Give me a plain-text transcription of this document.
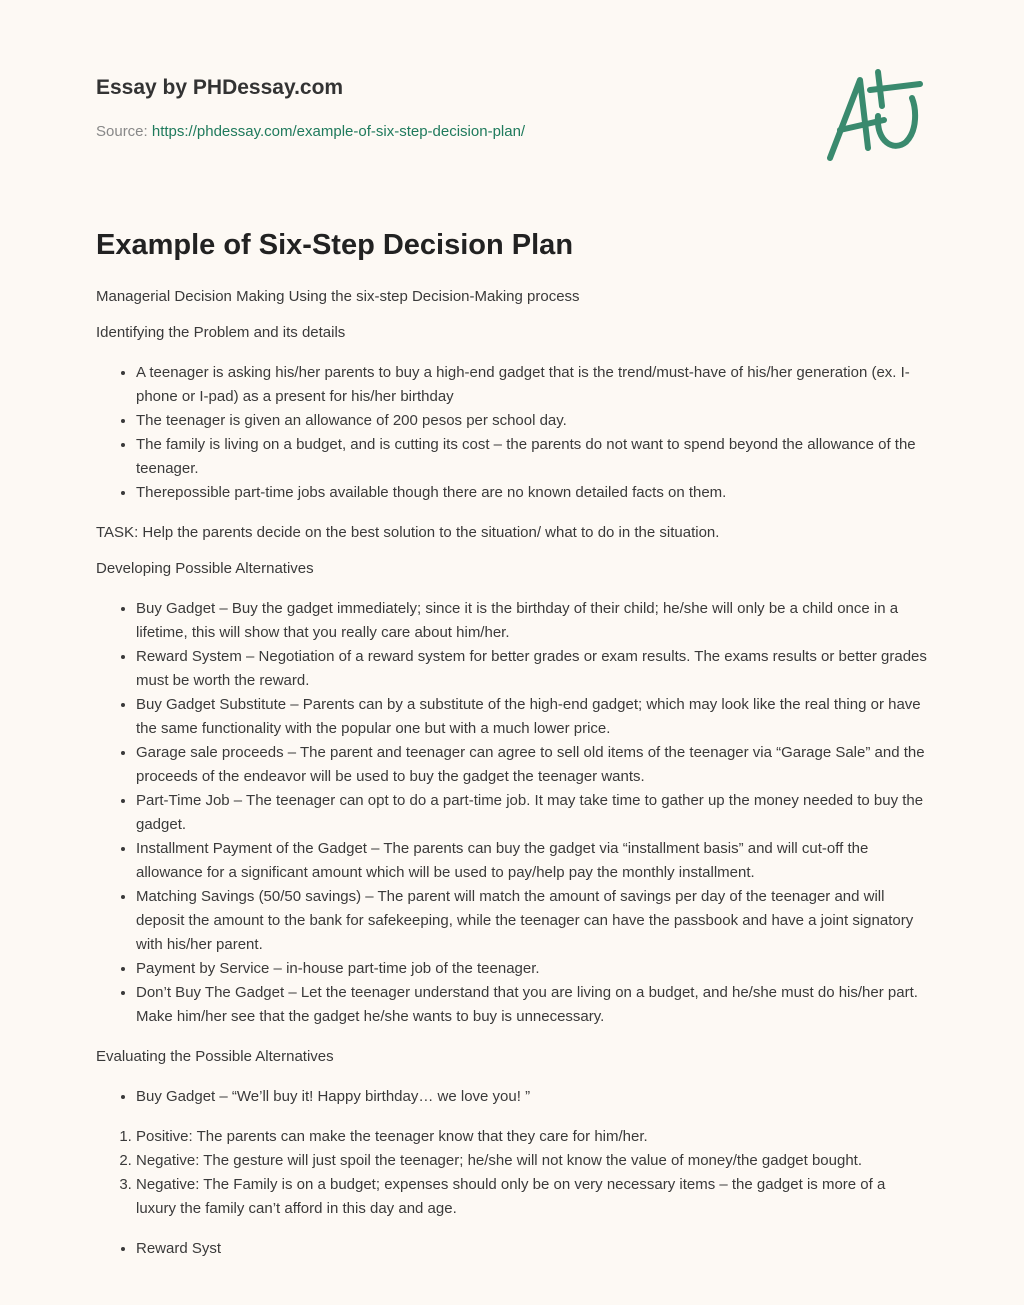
Essay by PHDessay.com
Source: https://phdessay.com/example-of-six-step-decision-plan/
Example of Six-Step Decision Plan

Managerial Decision Making Using the six-step Decision-Making process

Identifying the Problem and its details

• A teenager is asking his/her parents to buy a high-end gadget that is the trend/must-have of his/her generation (ex. I-phone or I-pad) as a present for his/her birthday
• The teenager is given an allowance of 200 pesos per school day.
• The family is living on a budget, and is cutting its cost – the parents do not want to spend beyond the allowance of the teenager.
• Therepossible part-time jobs available though there are no known detailed facts on them.

TASK: Help the parents decide on the best solution to the situation/ what to do in the situation.

Developing Possible Alternatives

• Buy Gadget – Buy the gadget immediately; since it is the birthday of their child; he/she will only be a child once in a lifetime, this will show that you really care about him/her.
• Reward System – Negotiation of a reward system for better grades or exam results. The exams results or better grades must be worth the reward.
• Buy Gadget Substitute – Parents can by a substitute of the high-end gadget; which may look like the real thing or have the same functionality with the popular one but with a much lower price.
• Garage sale proceeds – The parent and teenager can agree to sell old items of the teenager via “Garage Sale” and the proceeds of the endeavor will be used to buy the gadget the teenager wants.
• Part-Time Job – The teenager can opt to do a part-time job. It may take time to gather up the money needed to buy the gadget.
• Installment Payment of the Gadget – The parents can buy the gadget via “installment basis” and will cut-off the allowance for a significant amount which will be used to pay/help pay the monthly installment.
• Matching Savings (50/50 savings) – The parent will match the amount of savings per day of the teenager and will deposit the amount to the bank for safekeeping, while the teenager can have the passbook and have a joint signatory with his/her parent.
• Payment by Service – in-house part-time job of the teenager.
• Don’t Buy The Gadget – Let the teenager understand that you are living on a budget, and he/she must do his/her part. Make him/her see that the gadget he/she wants to buy is unnecessary.

Evaluating the Possible Alternatives

• Buy Gadget – “We’ll buy it! Happy birthday… we love you! ”
1. Positive: The parents can make the teenager know that they care for him/her.
2. Negative: The gesture will just spoil the teenager; he/she will not know the value of money/the gadget bought.
3. Negative: The Family is on a budget; expenses should only be on very necessary items – the gadget is more of a luxury the family can’t afford in this day and age.
• Reward Syst
